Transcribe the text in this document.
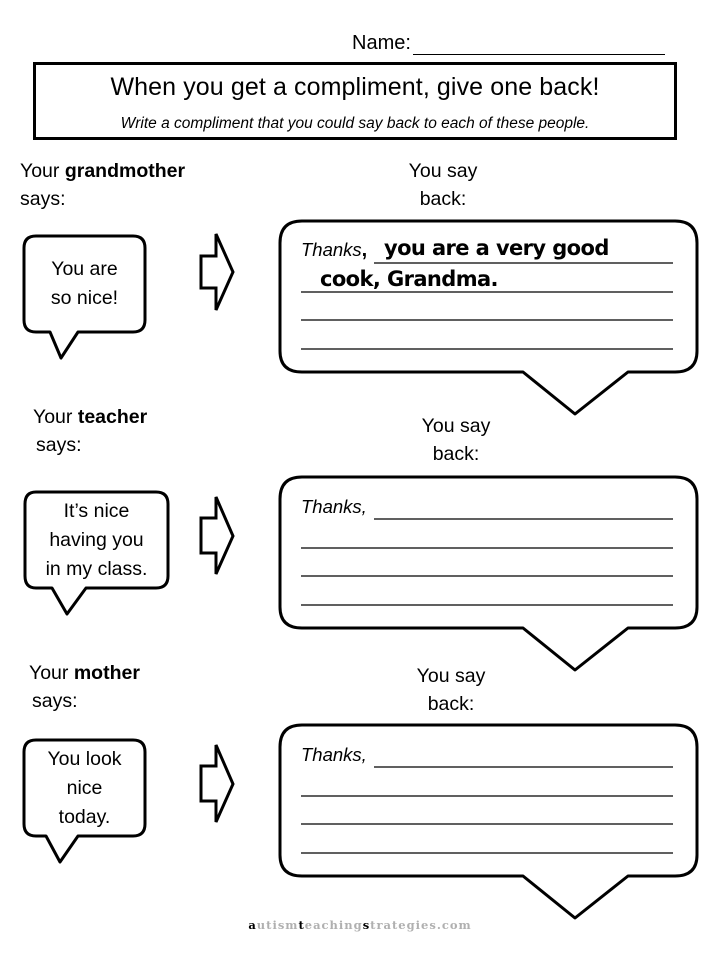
Name:
When you get a compliment, give one back!
Write a compliment that you could say back to each of these people.
Your grandmother
says:
You are
so nice!
You say
back:
Thanks, you are a very good
cook, Grandma.
Your teacher
says:
It’s nice
having you
in my class.
You say
back:
Thanks,
Your mother
says:
You look
nice
today.
You say
back:
Thanks,
autismteachingstrategies.com
